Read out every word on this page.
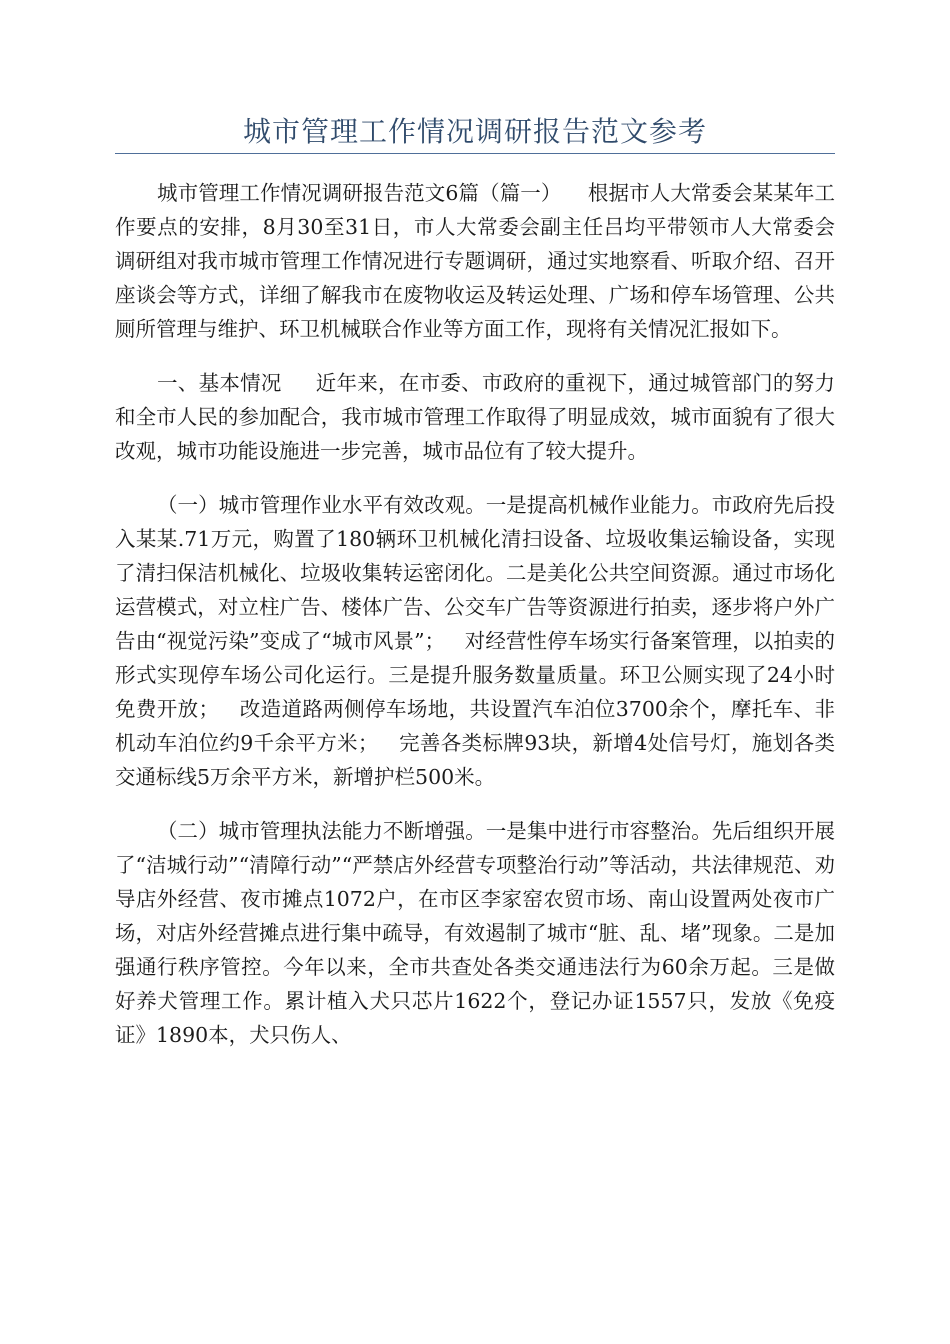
城市管理工作情况调研报告范文参考

城市管理工作情况调研报告范文6篇（篇一）    根据市人大常委会某某年工作要点的安排，8月30至31日，市人大常委会副主任吕均平带领市人大常委会调研组对我市城市管理工作情况进行专题调研，通过实地察看、听取介绍、召开座谈会等方式，详细了解我市在废物收运及转运处理、广场和停车场管理、公共厕所管理与维护、环卫机械联合作业等方面工作，现将有关情况汇报如下。

一、基本情况     近年来，在市委、市政府的重视下，通过城管部门的努力和全市人民的参加配合，我市城市管理工作取得了明显成效，城市面貌有了很大改观，城市功能设施进一步完善，城市品位有了较大提升。

（一）城市管理作业水平有效改观。一是提高机械作业能力。市政府先后投入某某.71万元，购置了180辆环卫机械化清扫设备、垃圾收集运输设备，实现了清扫保洁机械化、垃圾收集转运密闭化。二是美化公共空间资源。通过市场化运营模式，对立柱广告、楼体广告、公交车广告等资源进行拍卖，逐步将户外广告由“视觉污染”变成了“城市风景”；   对经营性停车场实行备案管理，以拍卖的形式实现停车场公司化运行。三是提升服务数量质量。环卫公厕实现了24小时免费开放；   改造道路两侧停车场地，共设置汽车泊位3700余个，摩托车、非机动车泊位约9千余平方米；   完善各类标牌93块，新增4处信号灯，施划各类交通标线5万余平方米，新增护栏500米。

（二）城市管理执法能力不断增强。一是集中进行市容整治。先后组织开展了“洁城行动”“清障行动”“严禁店外经营专项整治行动”等活动，共法律规范、劝导店外经营、夜市摊点1072户，在市区李家窑农贸市场、南山设置两处夜市广场，对店外经营摊点进行集中疏导，有效遏制了城市“脏、乱、堵”现象。二是加强通行秩序管控。今年以来，全市共查处各类交通违法行为60余万起。三是做好养犬管理工作。累计植入犬只芯片1622个，登记办证1557只，发放《免疫证》1890本，犬只伤人、
